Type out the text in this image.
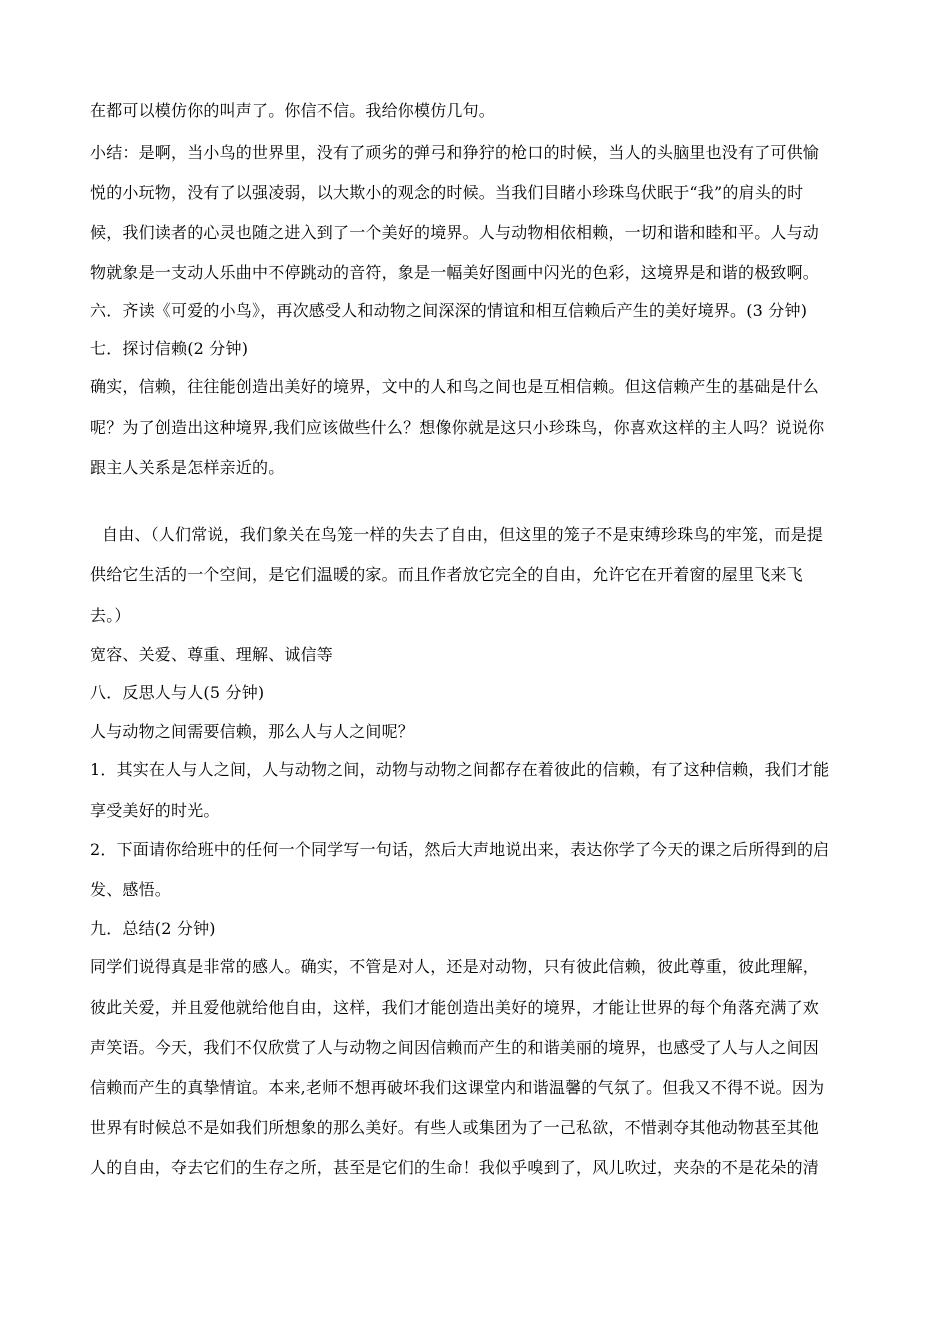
在都可以模仿你的叫声了。你信不信。我给你模仿几句。
小结：是啊，当小鸟的世界里，没有了顽劣的弹弓和狰狞的枪口的时候，当人的头脑里也没有了可供愉
悦的小玩物，没有了以强凌弱，以大欺小的观念的时候。当我们目睹小珍珠鸟伏眠于“我”的肩头的时
候，我们读者的心灵也随之进入到了一个美好的境界。人与动物相依相赖，一切和谐和睦和平。人与动
物就象是一支动人乐曲中不停跳动的音符，象是一幅美好图画中闪光的色彩，这境界是和谐的极致啊。
六．齐读《可爱的小鸟》，再次感受人和动物之间深深的情谊和相互信赖后产生的美好境界。(3 分钟)
七．探讨信赖(2 分钟)
确实，信赖，往往能创造出美好的境界，文中的人和鸟之间也是互相信赖。但这信赖产生的基础是什么
呢？为了创造出这种境界,我们应该做些什么？想像你就是这只小珍珠鸟，你喜欢这样的主人吗？说说你
跟主人关系是怎样亲近的。
自由、（人们常说，我们象关在鸟笼一样的失去了自由，但这里的笼子不是束缚珍珠鸟的牢笼，而是提
供给它生活的一个空间，是它们温暖的家。而且作者放它完全的自由，允许它在开着窗的屋里飞来飞
去。）
宽容、关爱、尊重、理解、诚信等
八．反思人与人(5 分钟)
人与动物之间需要信赖，那么人与人之间呢？
1．其实在人与人之间，人与动物之间，动物与动物之间都存在着彼此的信赖，有了这种信赖，我们才能
享受美好的时光。
2．下面请你给班中的任何一个同学写一句话，然后大声地说出来，表达你学了今天的课之后所得到的启
发、感悟。
九．总结(2 分钟)
同学们说得真是非常的感人。确实，不管是对人，还是对动物，只有彼此信赖，彼此尊重，彼此理解，
彼此关爱，并且爱他就给他自由，这样，我们才能创造出美好的境界，才能让世界的每个角落充满了欢
声笑语。今天，我们不仅欣赏了人与动物之间因信赖而产生的和谐美丽的境界，也感受了人与人之间因
信赖而产生的真挚情谊。本来,老师不想再破坏我们这课堂内和谐温馨的气氛了。但我又不得不说。因为
世界有时候总不是如我们所想象的那么美好。有些人或集团为了一己私欲，不惜剥夺其他动物甚至其他
人的自由，夺去它们的生存之所，甚至是它们的生命！我似乎嗅到了，风儿吹过，夹杂的不是花朵的清
